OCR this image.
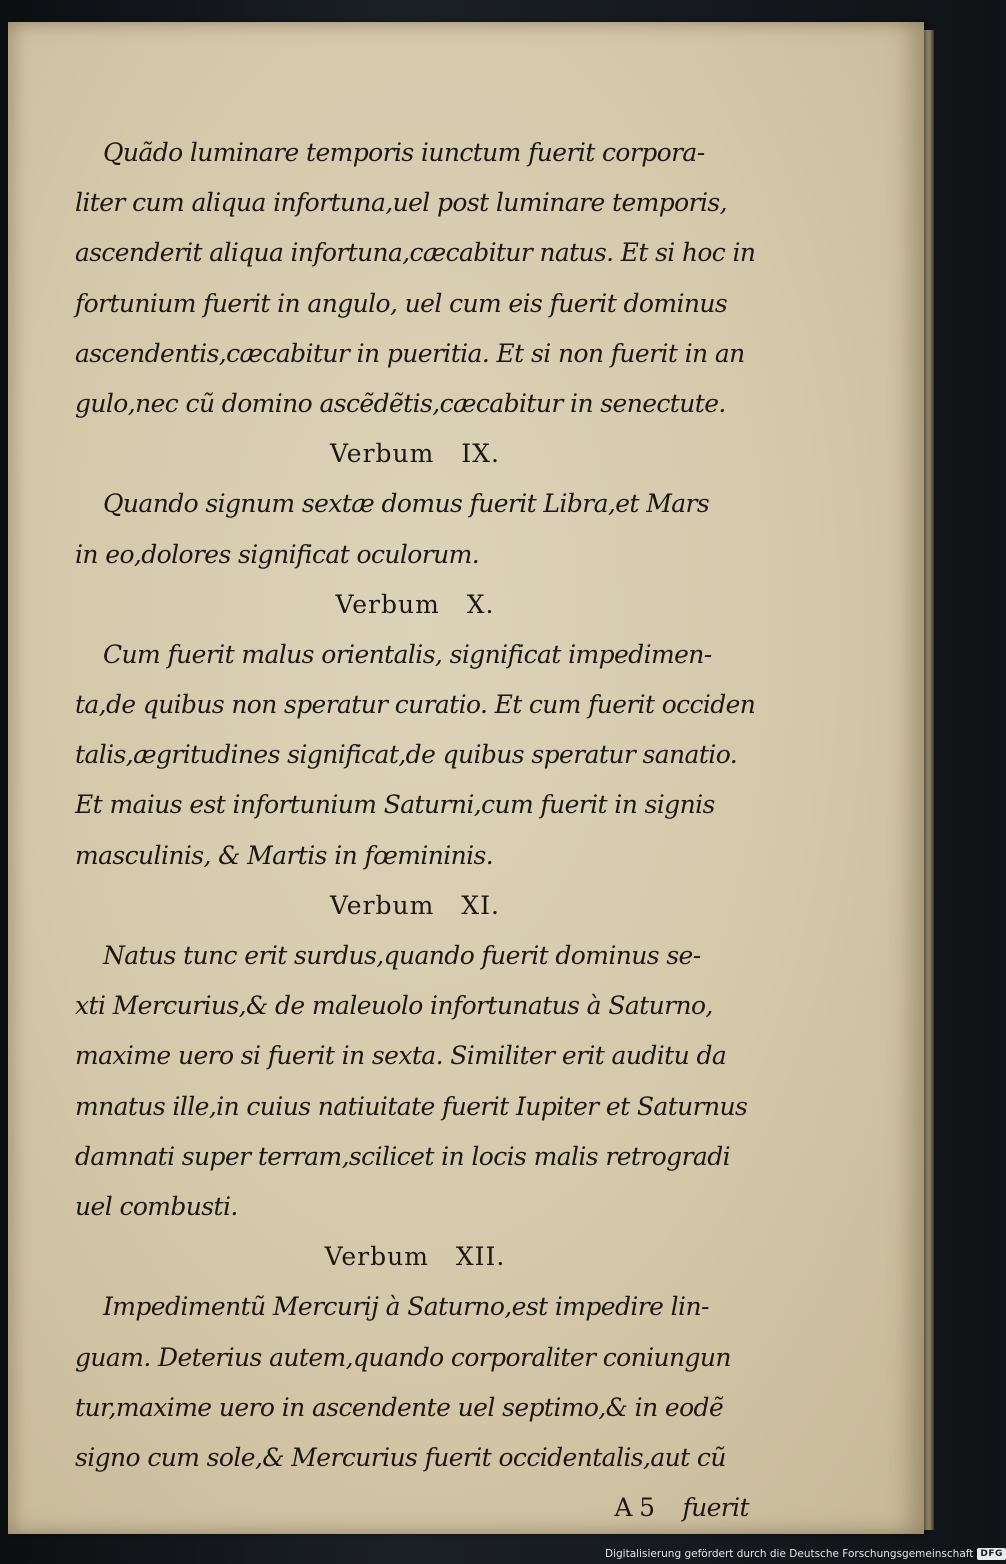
Quãdo luminare temporis iunctum fuerit corpora-
liter cum aliqua infortuna,uel post luminare temporis,
ascenderit aliqua infortuna,cæcabitur natus. Et si hoc in
fortunium fuerit in angulo, uel cum eis fuerit dominus
ascendentis,cæcabitur in pueritia. Et si non fuerit in an
gulo,nec cũ domino ascẽdẽtis,cæcabitur in senectute.
Verbum IX.
Quando signum sextæ domus fuerit Libra,et Mars
in eo,dolores significat oculorum.
Verbum X.
Cum fuerit malus orientalis, significat impedimen-
ta,de quibus non speratur curatio. Et cum fuerit occiden
talis,ægritudines significat,de quibus speratur sanatio.
Et maius est infortunium Saturni,cum fuerit in signis
masculinis, & Martis in fœmininis.
Verbum XI.
Natus tunc erit surdus,quando fuerit dominus se-
xti Mercurius,& de maleuolo infortunatus à Saturno,
maxime uero si fuerit in sexta. Similiter erit auditu da
mnatus ille,in cuius natiuitate fuerit Iupiter et Saturnus
damnati super terram,scilicet in locis malis retrogradi
uel combusti.
Verbum XII.
Impedimentũ Mercurij à Saturno,est impedire lin-
guam. Deterius autem,quando corporaliter coniungun
tur,maxime uero in ascendente uel septimo,& in eodẽ
signo cum sole,& Mercurius fuerit occidentalis,aut cũ
A 5 fuerit
Digitalisierung gefördert durch die Deutsche Forschungsgemeinschaft DFG
